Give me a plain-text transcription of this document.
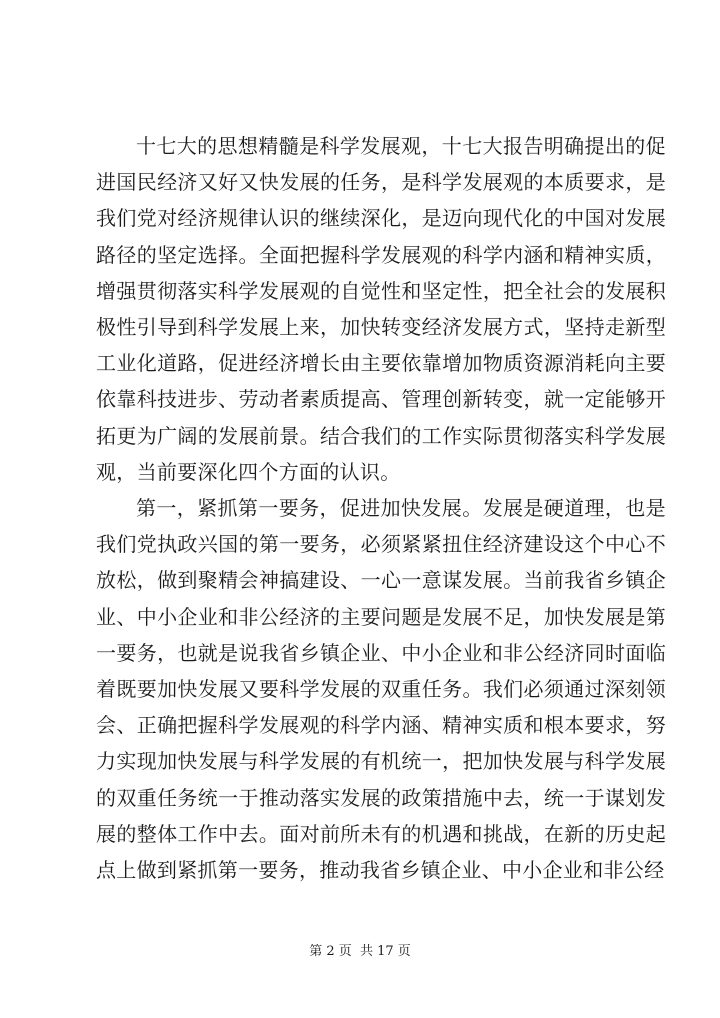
十七大的思想精髓是科学发展观，十七大报告明确提出的促进国民经济又好又快发展的任务，是科学发展观的本质要求，是我们党对经济规律认识的继续深化，是迈向现代化的中国对发展路径的坚定选择。全面把握科学发展观的科学内涵和精神实质，增强贯彻落实科学发展观的自觉性和坚定性，把全社会的发展积极性引导到科学发展上来，加快转变经济发展方式，坚持走新型工业化道路，促进经济增长由主要依靠增加物质资源消耗向主要依靠科技进步、劳动者素质提高、管理创新转变，就一定能够开拓更为广阔的发展前景。结合我们的工作实际贯彻落实科学发展观，当前要深化四个方面的认识。

第一，紧抓第一要务，促进加快发展。发展是硬道理，也是我们党执政兴国的第一要务，必须紧紧扭住经济建设这个中心不放松，做到聚精会神搞建设、一心一意谋发展。当前我省乡镇企业、中小企业和非公经济的主要问题是发展不足，加快发展是第一要务，也就是说我省乡镇企业、中小企业和非公经济同时面临着既要加快发展又要科学发展的双重任务。我们必须通过深刻领会、正确把握科学发展观的科学内涵、精神实质和根本要求，努力实现加快发展与科学发展的有机统一，把加快发展与科学发展的双重任务统一于推动落实发展的政策措施中去，统一于谋划发展的整体工作中去。面对前所未有的机遇和挑战，在新的历史起点上做到紧抓第一要务，推动我省乡镇企业、中小企业和非公经

第 2 页  共 17 页
